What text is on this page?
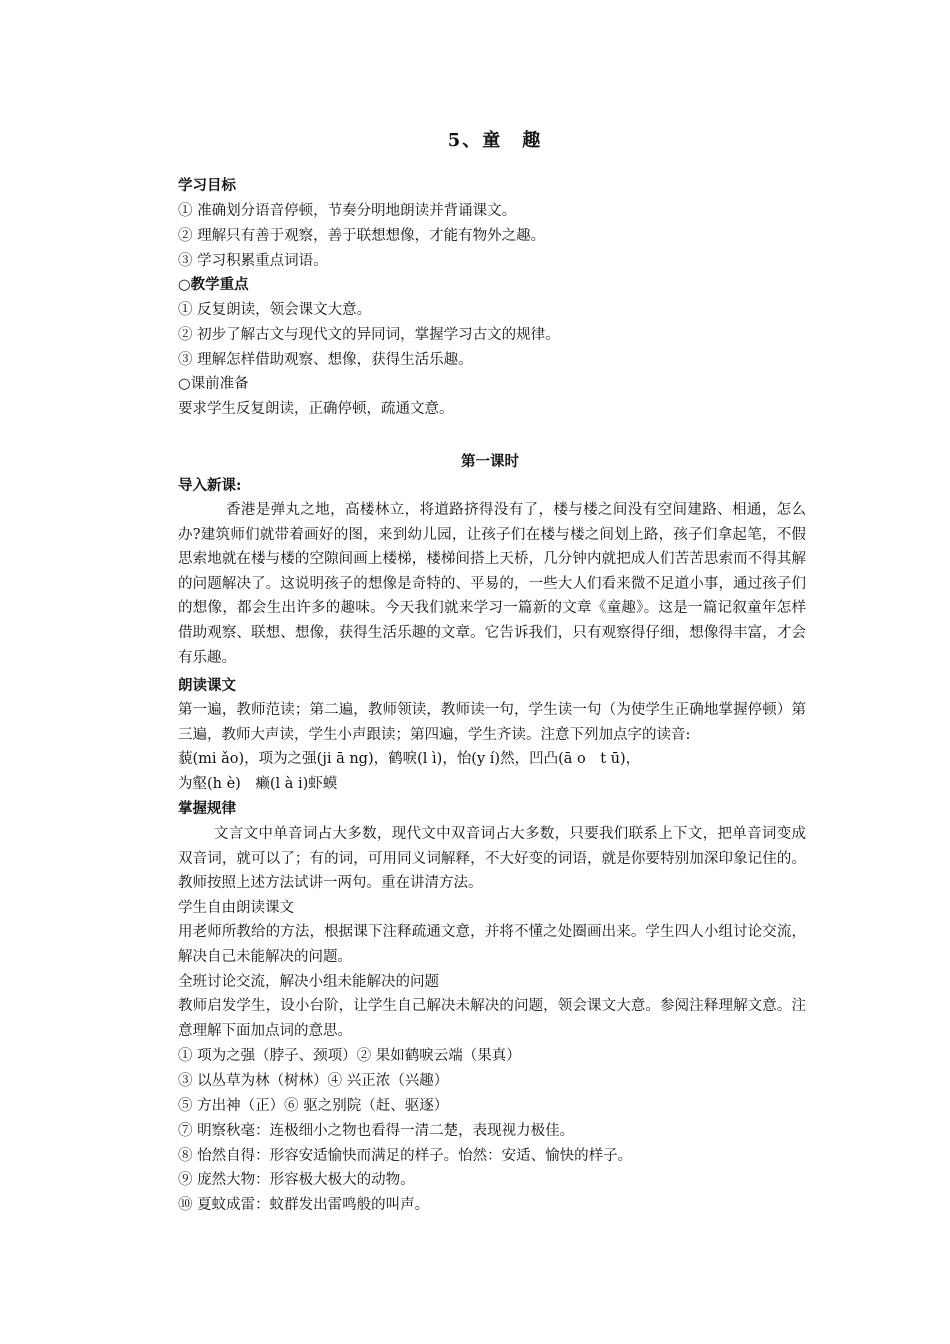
5、童　趣
学习目标
① 准确划分语音停顿，节奏分明地朗读并背诵课文。
② 理解只有善于观察，善于联想想像，才能有物外之趣。
③ 学习积累重点词语。
○教学重点
① 反复朗读，领会课文大意。
② 初步了解古文与现代文的异同词，掌握学习古文的规律。
③ 理解怎样借助观察、想像，获得生活乐趣。
○课前准备
要求学生反复朗读，正确停顿，疏通文意。
第一课时
导入新课:
香港是弹丸之地，高楼林立，将道路挤得没有了，楼与楼之间没有空间建路、相通，怎么办?建筑师们就带着画好的图，来到幼儿园，让孩子们在楼与楼之间划上路，孩子们拿起笔，不假思索地就在楼与楼的空隙间画上楼梯，楼梯间搭上天桥，几分钟内就把成人们苦苦思索而不得其解的问题解决了。这说明孩子的想像是奇特的、平易的，一些大人们看来微不足道小事，通过孩子们的想像，都会生出许多的趣味。今天我们就来学习一篇新的文章《童趣》。这是一篇记叙童年怎样借助观察、联想、想像，获得生活乐趣的文章。它告诉我们，只有观察得仔细，想像得丰富，才会有乐趣。
朗读课文
第一遍，教师范读；第二遍，教师领读，教师读一句，学生读一句（为使学生正确地掌握停顿）第三遍，教师大声读，学生小声跟读；第四遍，学生齐读。注意下列加点字的读音:
藐(mi ǎo)，项为之强(ji ā ng)，鹤唳(l ì)，怡(y í)然，凹凸(ā o　t ū)，
为壑(h è)　癞(l à i)虾蟆
掌握规律
文言文中单音词占大多数，现代文中双音词占大多数，只要我们联系上下文，把单音词变成双音词，就可以了；有的词，可用同义词解释，不大好变的词语，就是你要特别加深印象记住的。教师按照上述方法试讲一两句。重在讲清方法。
学生自由朗读课文
用老师所教给的方法，根据课下注释疏通文意，并将不懂之处圈画出来。学生四人小组讨论交流，解决自己未能解决的问题。
全班讨论交流，解决小组未能解决的问题
教师启发学生，设小台阶，让学生自己解决未解决的问题，领会课文大意。参阅注释理解文意。注意理解下面加点词的意思。
① 项为之强（脖子、颈项）② 果如鹤唳云端（果真）
③ 以丛草为林（树林）④ 兴正浓（兴趣）
⑤ 方出神（正）⑥ 驱之别院（赶、驱逐）
⑦ 明察秋毫：连极细小之物也看得一清二楚，表现视力极佳。
⑧ 怡然自得：形容安适愉快而满足的样子。怡然：安适、愉快的样子。
⑨ 庞然大物：形容极大极大的动物。
⑩ 夏蚊成雷：蚊群发出雷鸣般的叫声。
